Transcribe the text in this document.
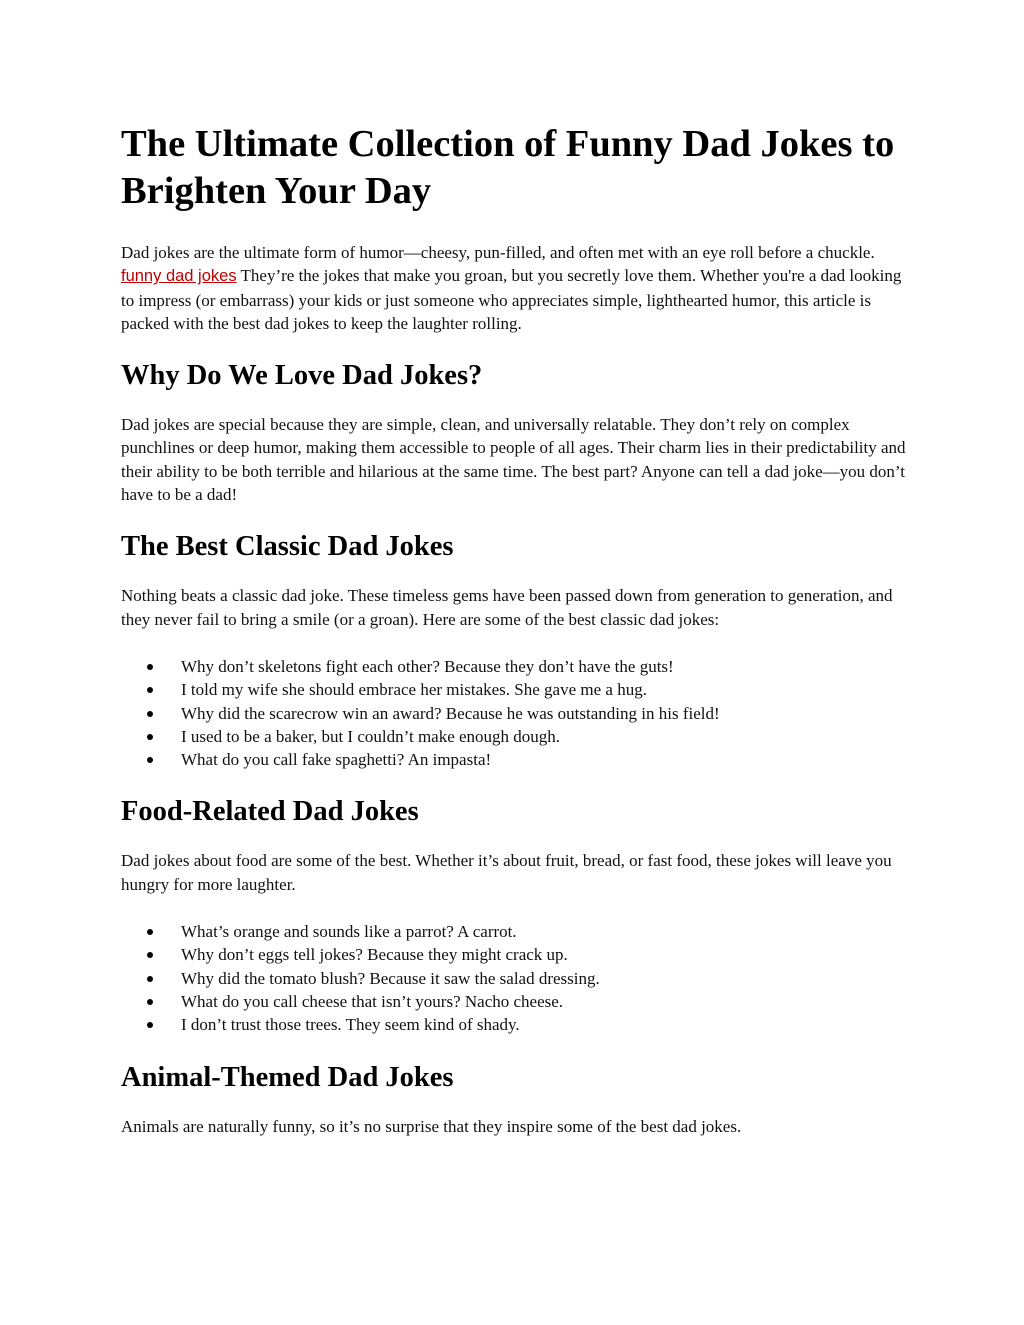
The Ultimate Collection of Funny Dad Jokes to Brighten Your Day

Dad jokes are the ultimate form of humor—cheesy, pun-filled, and often met with an eye roll before a chuckle. funny dad jokes They’re the jokes that make you groan, but you secretly love them. Whether you're a dad looking to impress (or embarrass) your kids or just someone who appreciates simple, lighthearted humor, this article is packed with the best dad jokes to keep the laughter rolling.

Why Do We Love Dad Jokes?

Dad jokes are special because they are simple, clean, and universally relatable. They don’t rely on complex punchlines or deep humor, making them accessible to people of all ages. Their charm lies in their predictability and their ability to be both terrible and hilarious at the same time. The best part? Anyone can tell a dad joke—you don’t have to be a dad!

The Best Classic Dad Jokes

Nothing beats a classic dad joke. These timeless gems have been passed down from generation to generation, and they never fail to bring a smile (or a groan). Here are some of the best classic dad jokes:

Why don’t skeletons fight each other? Because they don’t have the guts!
I told my wife she should embrace her mistakes. She gave me a hug.
Why did the scarecrow win an award? Because he was outstanding in his field!
I used to be a baker, but I couldn’t make enough dough.
What do you call fake spaghetti? An impasta!
Food-Related Dad Jokes

Dad jokes about food are some of the best. Whether it’s about fruit, bread, or fast food, these jokes will leave you hungry for more laughter.

What’s orange and sounds like a parrot? A carrot.
Why don’t eggs tell jokes? Because they might crack up.
Why did the tomato blush? Because it saw the salad dressing.
What do you call cheese that isn’t yours? Nacho cheese.
I don’t trust those trees. They seem kind of shady.
Animal-Themed Dad Jokes

Animals are naturally funny, so it’s no surprise that they inspire some of the best dad jokes.
